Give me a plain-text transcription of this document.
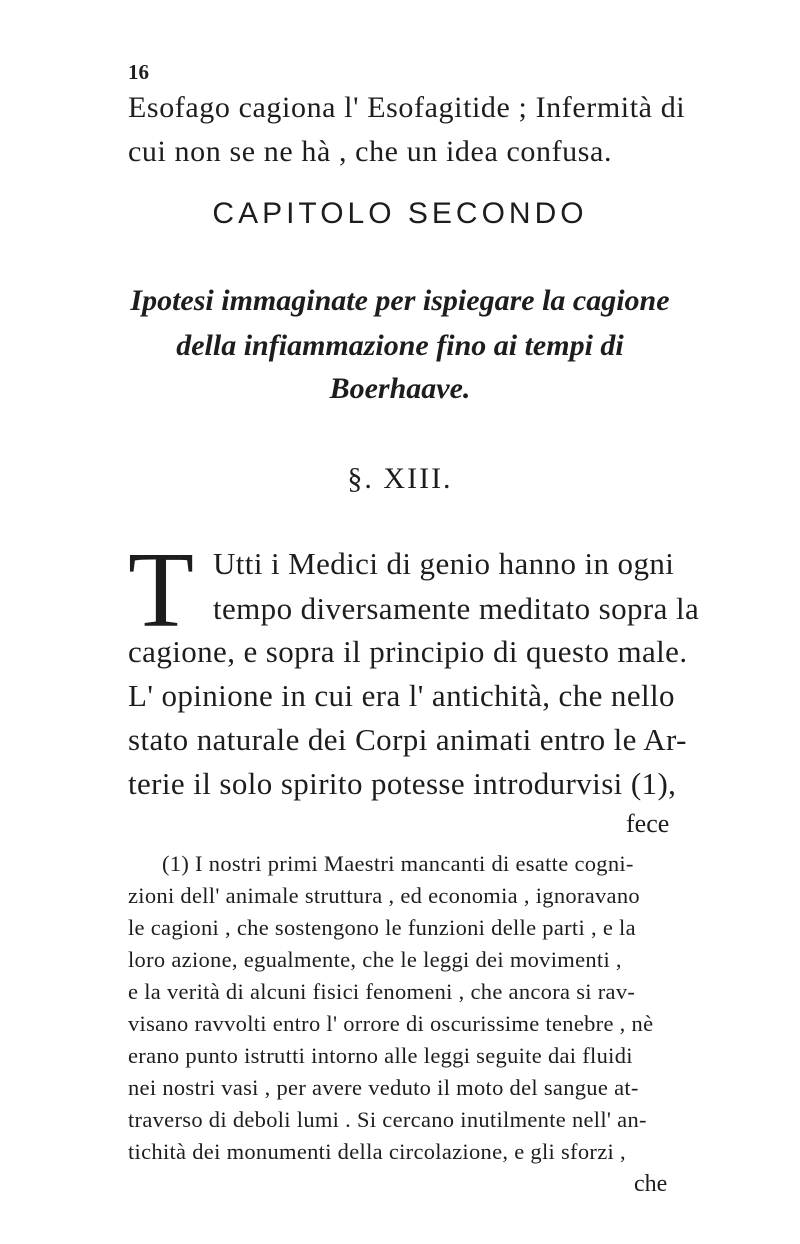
16
Esofago cagiona l' Esofagitide ; Infermità di
cui non se ne hà , che un idea confusa.
CAPITOLO SECONDO
Ipotesi immaginate per ispiegare la cagione
della infiammazione fino ai tempi di
Boerhaave.
§. XIII.
T Utti i Medici di genio hanno in ogni
tempo diversamente meditato sopra la
cagione, e sopra il principio di questo male.
L' opinione in cui era l' antichità, che nello
stato naturale dei Corpi animati entro le Ar-
terie il solo spirito potesse introdurvisi (1),
fece
(1) I nostri primi Maestri mancanti di esatte cogni-
zioni dell' animale struttura , ed economia , ignoravano
le cagioni , che sostengono le funzioni delle parti , e la
loro azione, egualmente, che le leggi dei movimenti ,
e la verità di alcuni fisici fenomeni , che ancora si rav-
visano ravvolti entro l' orrore di oscurissime tenebre , nè
erano punto istrutti intorno alle leggi seguite dai fluidi
nei nostri vasi , per avere veduto il moto del sangue at-
traverso di deboli lumi . Si cercano inutilmente nell' an-
tichità dei monumenti della circolazione, e gli sforzi ,
che
